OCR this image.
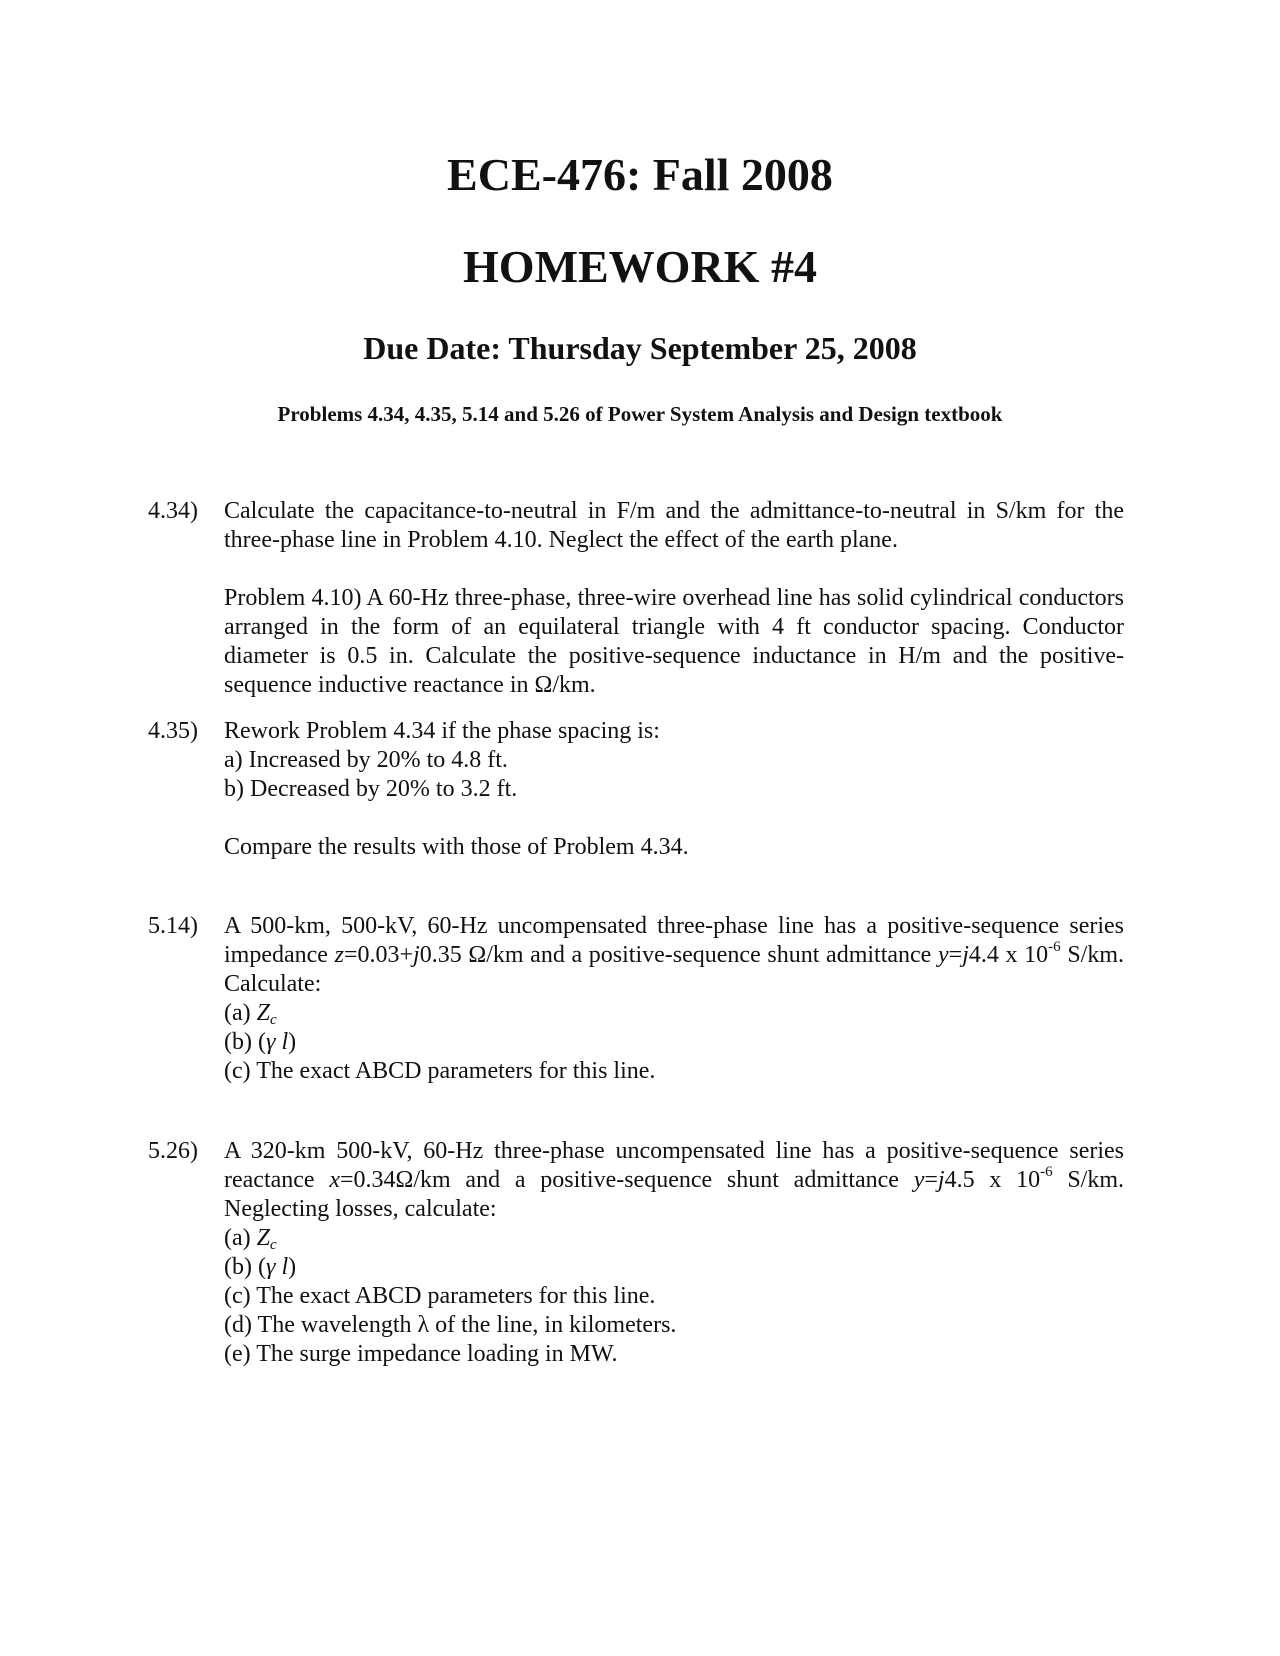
ECE-476: Fall 2008
HOMEWORK #4
Due Date: Thursday September 25, 2008

Problems 4.34, 4.35, 5.14 and 5.26 of Power System Analysis and Design textbook

4.34)	Calculate the capacitance-to-neutral in F/m and the admittance-to-neutral in S/km for the three-phase line in Problem 4.10. Neglect the effect of the earth plane.

Problem 4.10) A 60-Hz three-phase, three-wire overhead line has solid cylindrical conductors arranged in the form of an equilateral triangle with 4 ft conductor spacing. Conductor diameter is 0.5 in. Calculate the positive-sequence inductance in H/m and the positive-sequence inductive reactance in Ω/km.

4.35)	Rework Problem 4.34 if the phase spacing is:

a) Increased by 20% to 4.8 ft.
b) Decreased by 20% to 3.2 ft.

Compare the results with those of Problem 4.34.

5.14)	A 500-km, 500-kV, 60-Hz uncompensated three-phase line has a positive-sequence series impedance z=0.03+j0.35 Ω/km and a positive-sequence shunt admittance y=j4.4 x $10^{-6}$ S/km. Calculate:

(a) $Z_c$
(b) (γ l)
(c) The exact ABCD parameters for this line.
5.26)	A 320-km 500-kV, 60-Hz three-phase uncompensated line has a positive-sequence series reactance x=0.34Ω/km and a positive-sequence shunt admittance y=j4.5 x $10^{-6}$ S/km. Neglecting losses, calculate:

(a) $Z_c$
(b) (γ l)
(c) The exact ABCD parameters for this line.
(d) The wavelength λ of the line, in kilometers.
(e) The surge impedance loading in MW.
